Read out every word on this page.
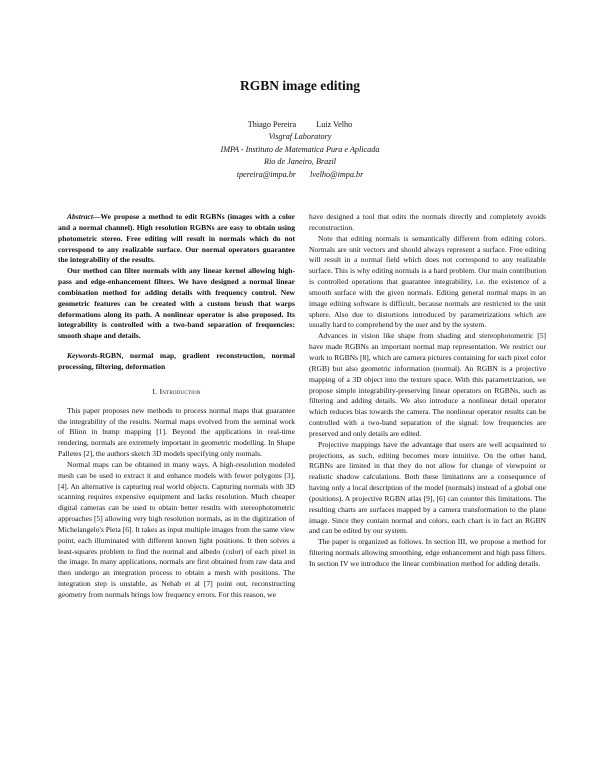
RGBN image editing
Thiago Pereira Luiz Velho
Visgraf Laboratory
IMPA - Instituto de Matematica Pura e Aplicada
Rio de Janeiro, Brazil
tpereira@impa.br lvelho@impa.br

Abstract—We propose a method to edit RGBNs (images with a color and a normal channel). High resolution RGBNs are easy to obtain using photometric stereo. Free editing will result in normals which do not correspond to any realizable surface. Our normal operators guarantee the integrability of the results.

Our method can filter normals with any linear kernel allowing high-pass and edge-enhancement filters. We have designed a normal linear combination method for adding details with frequency control. New geometric features can be created with a custom brush that warps deformations along its path. A nonlinear operator is also proposed. Its integrability is controlled with a two-band separation of frequencies: smooth shape and details.

Keywords-RGBN, normal map, gradient reconstruction, normal processing, filtering, deformation

I. Introduction

This paper proposes new methods to process normal maps that guarantee the integrability of the results. Normal maps evolved from the seminal work of Blinn in bump mapping [1]. Beyond the applications in real-time rendering, normals are extremely important in geometric modelling. In Shape Palletes [2], the authors sketch 3D models specifying only normals.

Normal maps can be obtained in many ways. A high-resolution modeled mesh can be used to extract it and enhance models with fewer polygons [3], [4]. An alternative is capturing real world objects. Capturing normals with 3D scanning requires expensive equipment and lacks resolution. Much cheaper digital cameras can be used to obtain better results with stereophotometric approaches [5] allowing very high resolution normals, as in the digitization of Michelangelo's Pieta [6]. It takes as input multiple images from the same view point, each illuminated with different known light positions. It then solves a least-squares problem to find the normal and albedo (color) of each pixel in the image. In many applications, normals are first obtained from raw data and then undergo an integration process to obtain a mesh with positions. The integration step is unstable, as Nehab et al [7] point out, reconstructing geometry from normals brings low frequency errors. For this reason, we

have designed a tool that edits the normals directly and completely avoids reconstruction.

Note that editing normals is semantically different from editing colors. Normals are unit vectors and should always represent a surface. Free editing will result in a normal field which does not correspond to any realizable surface. This is why editing normals is a hard problem. Our main contribution is controlled operations that guarantee integrability, i.e. the existence of a smooth surface with the given normals. Editing general normal maps in an image editing software is difficult, because normals are restricted to the unit sphere. Also due to distortions introduced by parametrizations which are usually hard to comprehend by the user and by the system.

Advances in vision like shape from shading and stereophotometric [5] have made RGBNs an important normal map representation. We restrict our work to RGBNs [8], which are camera pictures containing for each pixel color (RGB) but also geometric information (normal). An RGBN is a projective mapping of a 3D object into the texture space. With this parametrization, we propose simple integrability-preserving linear operators on RGBNs, such as filtering and adding details. We also introduce a nonlinear detail operator which reduces bias towards the camera. The nonlinear operator results can be controlled with a two-band separation of the signal: low frequencies are preserved and only details are edited.

Projective mappings have the advantage that users are well acquainted to projections, as such, editing becomes more intuitive. On the other hand, RGBNs are limited in that they do not allow for change of viewpoint or realistic shadow calculations. Both these limitations are a consequence of having only a local description of the model (normals) instead of a global one (positions). A projective RGBN atlas [9], [6] can counter this limitations. The resulting charts are surfaces mapped by a camera transformation to the plane image. Since they contain normal and colors, each chart is in fact an RGBN and can be edited by our system.

The paper is organized as follows. In section III, we propose a method for filtering normals allowing smoothing, edge enhancement and high pass filters. In section IV we introduce the linear combination method for adding details.
